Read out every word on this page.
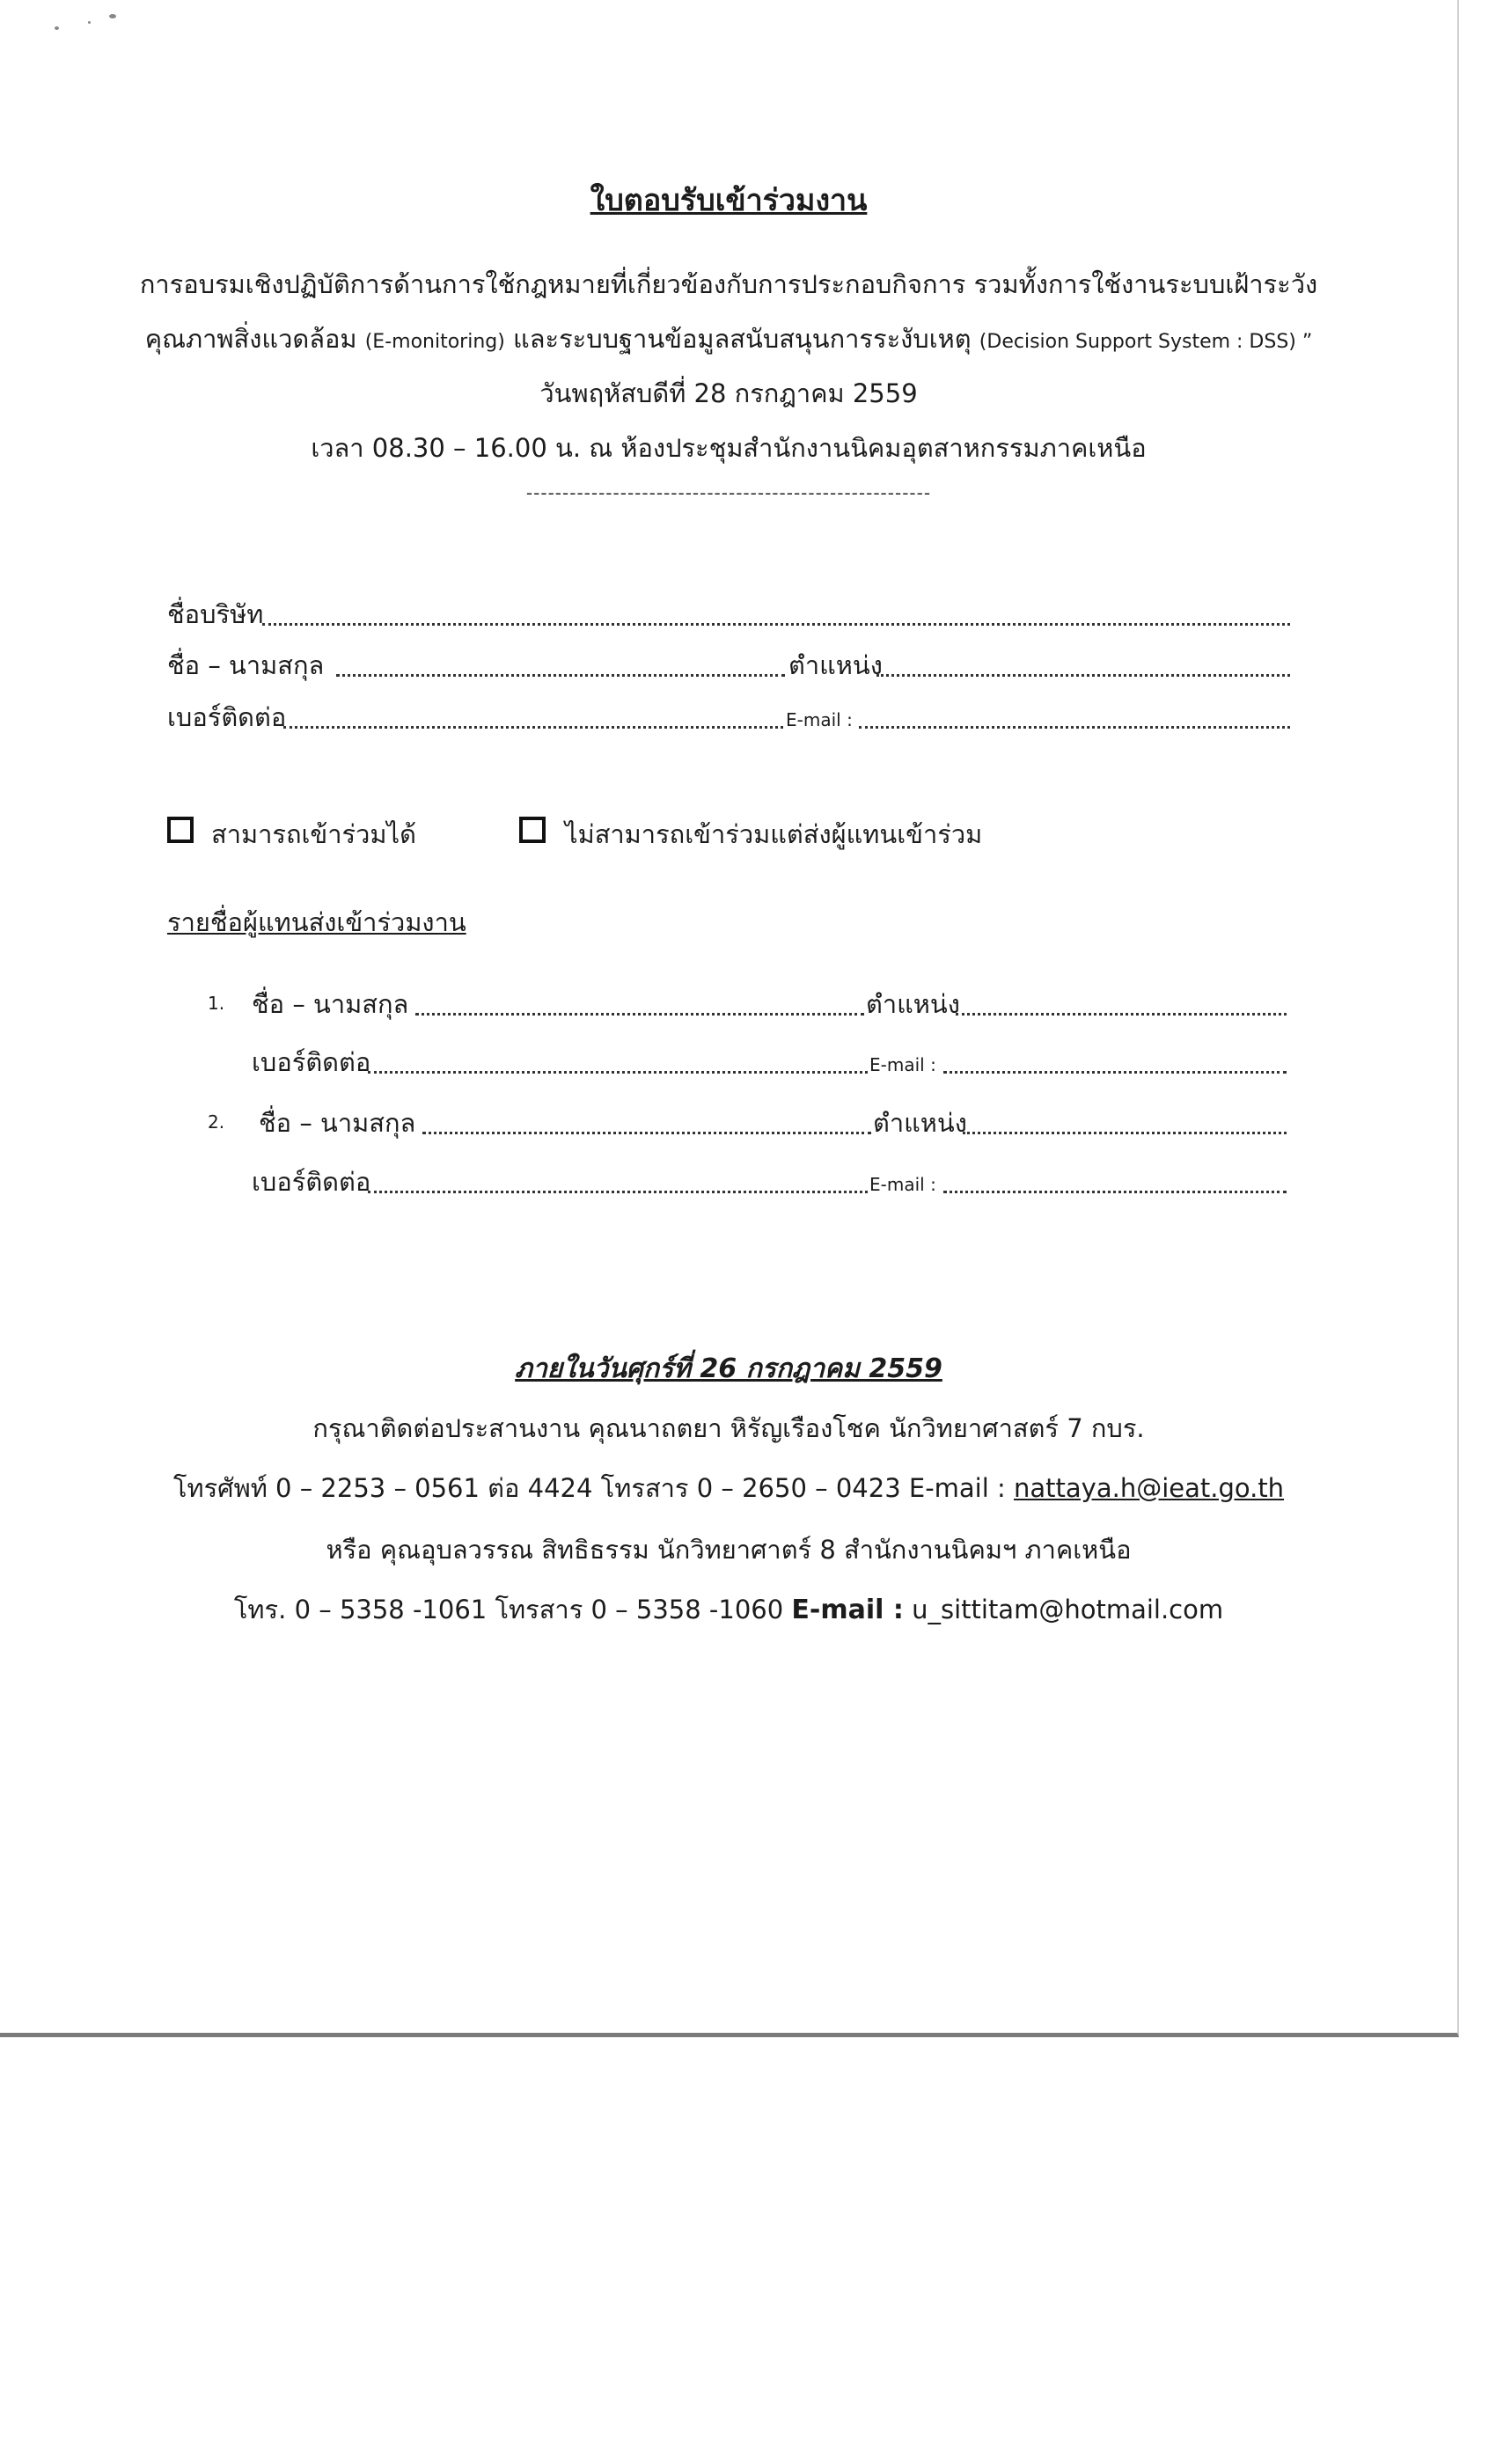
ใบตอบรับเข้าร่วมงาน
การอบรมเชิงปฏิบัติการด้านการใช้กฎหมายที่เกี่ยวข้องกับการประกอบกิจการ รวมทั้งการใช้งานระบบเฝ้าระวัง
คุณภาพสิ่งแวดล้อม (E-monitoring) และระบบฐานข้อมูลสนับสนุนการระงับเหตุ (Decision Support System : DSS) ”
วันพฤหัสบดีที่ 28 กรกฎาคม 2559
เวลา 08.30 – 16.00 น. ณ ห้องประชุมสำนักงานนิคมอุตสาหกรรมภาคเหนือ
--------------------------------------------------------
ชื่อบริษัท
ชื่อ – นามสกุล	ตำแหน่ง
เบอร์ติดต่อ	E-mail :
สามารถเข้าร่วมได้	ไม่สามารถเข้าร่วมแต่ส่งผู้แทนเข้าร่วม
รายชื่อผู้แทนส่งเข้าร่วมงาน
1. ชื่อ – นามสกุล	ตำแหน่ง
เบอร์ติดต่อ	E-mail :
2. ชื่อ – นามสกุล	ตำแหน่ง
เบอร์ติดต่อ	E-mail :
ภายในวันศุกร์ที่ 26 กรกฎาคม 2559
กรุณาติดต่อประสานงาน คุณนาถตยา หิรัญเรืองโชค นักวิทยาศาสตร์ 7 กบร.
โทรศัพท์ 0 – 2253 – 0561 ต่อ 4424 โทรสาร 0 – 2650 – 0423 E-mail : nattaya.h@ieat.go.th
หรือ คุณอุบลวรรณ สิทธิธรรม นักวิทยาศาตร์ 8 สำนักงานนิคมฯ ภาคเหนือ
โทร. 0 – 5358 -1061 โทรสาร 0 – 5358 -1060 E-mail : u_sittitam@hotmail.com
